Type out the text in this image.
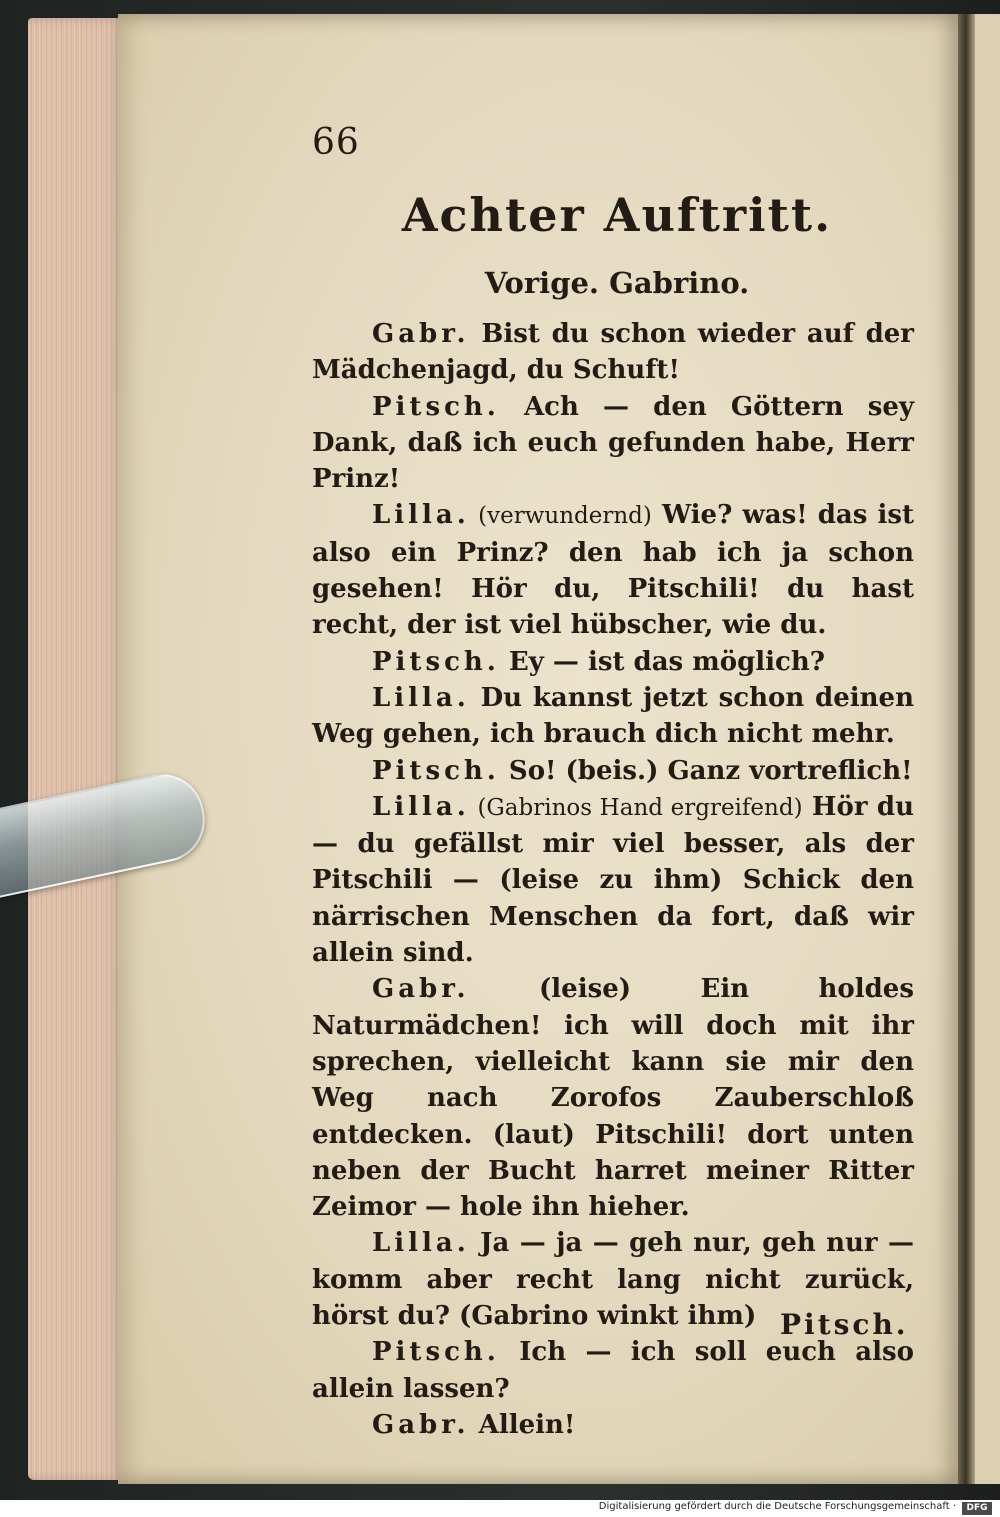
66
Achter Auftritt.
Vorige. Gabrino.

Gabr. Bist du schon wieder auf der Mädchenjagd, du Schuft!

Pitsch. Ach — den Göttern sey Dank, daß ich euch gefunden habe, Herr Prinz!

Lilla. (verwundernd) Wie? was! das ist also ein Prinz? den hab ich ja schon gesehen! Hör du, Pitschili! du hast recht, der ist viel hübscher, wie du.

Pitsch. Ey — ist das möglich?

Lilla. Du kannst jetzt schon deinen Weg gehen, ich brauch dich nicht mehr.

Pitsch. So! (beis.) Ganz vortreflich!

Lilla. (Gabrinos Hand ergreifend) Hör du — du gefällst mir viel besser, als der Pitschili — (leise zu ihm) Schick den närrischen Menschen da fort, daß wir allein sind.

Gabr. (leise) Ein holdes Naturmädchen! ich will doch mit ihr sprechen, vielleicht kann sie mir den Weg nach Zorofos Zauberschloß entdecken. (laut) Pitschili! dort unten neben der Bucht harret meiner Ritter Zeimor — hole ihn hieher.

Lilla. Ja — ja — geh nur, geh nur — komm aber recht lang nicht zurück, hörst du? (Gabrino winkt ihm)

Pitsch. Ich — ich soll euch also allein lassen?

Gabr. Allein!

Pitsch.
Digitalisierung gefördert durch die Deutsche Forschungsgemeinschaft ·	DFG
